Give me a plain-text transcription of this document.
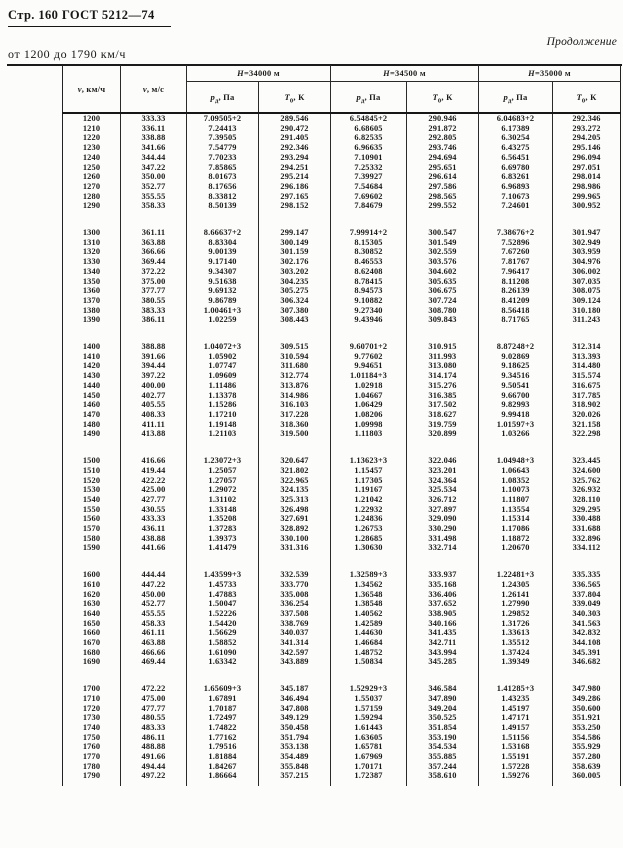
Стр. 160 ГОСТ 5212—74
Продолжение
от 1200 до 1790 км/ч
v, км/ч	v, м/с	H=34000 м		H=34500 м		H=35000 м	
		$p_д$, Па	$T_0$, К	$p_д$, Па	$T_0$, К	$p_д$, Па	$T_0$, К
1200	333.33	7.09505+2	289.546	6.54845+2	290.946	6.04683+2	292.346
1210	336.11	7.24413	290.472	6.68605	291.872	6.17389	293.272
1220	338.88	7.39505	291.405	6.82535	292.805	6.30254	294.205
1230	341.66	7.54779	292.346	6.96635	293.746	6.43275	295.146
1240	344.44	7.70233	293.294	7.10901	294.694	6.56451	296.094
1250	347.22	7.85865	294.251	7.25332	295.651	6.69780	297.051
1260	350.00	8.01673	295.214	7.39927	296.614	6.83261	298.014
1270	352.77	8.17656	296.186	7.54684	297.586	6.96893	298.986
1280	355.55	8.33812	297.165	7.69602	298.565	7.10673	299.965
1290	358.33	8.50139	298.152	7.84679	299.552	7.24601	300.952

1300	361.11	8.66637+2	299.147	7.99914+2	300.547	7.38676+2	301.947
1310	363.88	8.83304	300.149	8.15305	301.549	7.52896	302.949
1320	366.66	9.00139	301.159	8.30852	302.559	7.67260	303.959
1330	369.44	9.17140	302.176	8.46553	303.576	7.81767	304.976
1340	372.22	9.34307	303.202	8.62408	304.602	7.96417	306.002
1350	375.00	9.51638	304.235	8.78415	305.635	8.11208	307.035
1360	377.77	9.69132	305.275	8.94573	306.675	8.26139	308.075
1370	380.55	9.86789	306.324	9.10882	307.724	8.41209	309.124
1380	383.33	1.00461+3	307.380	9.27340	308.780	8.56418	310.180
1390	386.11	1.02259	308.443	9.43946	309.843	8.71765	311.243

1400	388.88	1.04072+3	309.515	9.60701+2	310.915	8.87248+2	312.314
1410	391.66	1.05902	310.594	9.77602	311.993	9.02869	313.393
1420	394.44	1.07747	311.680	9.94651	313.080	9.18625	314.480
1430	397.22	1.09609	312.774	1.01184+3	314.174	9.34516	315.574
1440	400.00	1.11486	313.876	1.02918	315.276	9.50541	316.675
1450	402.77	1.13378	314.986	1.04667	316.385	9.66700	317.785
1460	405.55	1.15286	316.103	1.06429	317.502	9.82993	318.902
1470	408.33	1.17210	317.228	1.08206	318.627	9.99418	320.026
1480	411.11	1.19148	318.360	1.09998	319.759	1.01597+3	321.158
1490	413.88	1.21103	319.500	1.11803	320.899	1.03266	322.298

1500	416.66	1.23072+3	320.647	1.13623+3	322.046	1.04948+3	323.445
1510	419.44	1.25057	321.802	1.15457	323.201	1.06643	324.600
1520	422.22	1.27057	322.965	1.17305	324.364	1.08352	325.762
1530	425.00	1.29072	324.135	1.19167	325.534	1.10073	326.932
1540	427.77	1.31102	325.313	1.21042	326.712	1.11807	328.110
1550	430.55	1.33148	326.498	1.22932	327.897	1.13554	329.295
1560	433.33	1.35208	327.691	1.24836	329.090	1.15314	330.488
1570	436.11	1.37283	328.892	1.26753	330.290	1.17086	331.688
1580	438.88	1.39373	330.100	1.28685	331.498	1.18872	332.896
1590	441.66	1.41479	331.316	1.30630	332.714	1.20670	334.112

1600	444.44	1.43599+3	332.539	1.32589+3	333.937	1.22481+3	335.335
1610	447.22	1.45733	333.770	1.34562	335.168	1.24305	336.565
1620	450.00	1.47883	335.008	1.36548	336.406	1.26141	337.804
1630	452.77	1.50047	336.254	1.38548	337.652	1.27990	339.049
1640	455.55	1.52226	337.508	1.40562	338.905	1.29852	340.303
1650	458.33	1.54420	338.769	1.42589	340.166	1.31726	341.563
1660	461.11	1.56629	340.037	1.44630	341.435	1.33613	342.832
1670	463.88	1.58852	341.314	1.46684	342.711	1.35512	344.108
1680	466.66	1.61090	342.597	1.48752	343.994	1.37424	345.391
1690	469.44	1.63342	343.889	1.50834	345.285	1.39349	346.682

1700	472.22	1.65609+3	345.187	1.52929+3	346.584	1.41285+3	347.980
1710	475.00	1.67891	346.494	1.55037	347.890	1.43235	349.286
1720	477.77	1.70187	347.808	1.57159	349.204	1.45197	350.600
1730	480.55	1.72497	349.129	1.59294	350.525	1.47171	351.921
1740	483.33	1.74822	350.458	1.61443	351.854	1.49157	353.250
1750	486.11	1.77162	351.794	1.63605	353.190	1.51156	354.586
1760	488.88	1.79516	353.138	1.65781	354.534	1.53168	355.929
1770	491.66	1.81884	354.489	1.67969	355.885	1.55191	357.280
1780	494.44	1.84267	355.848	1.70171	357.244	1.57228	358.639
1790	497.22	1.86664	357.215	1.72387	358.610	1.59276	360.005
